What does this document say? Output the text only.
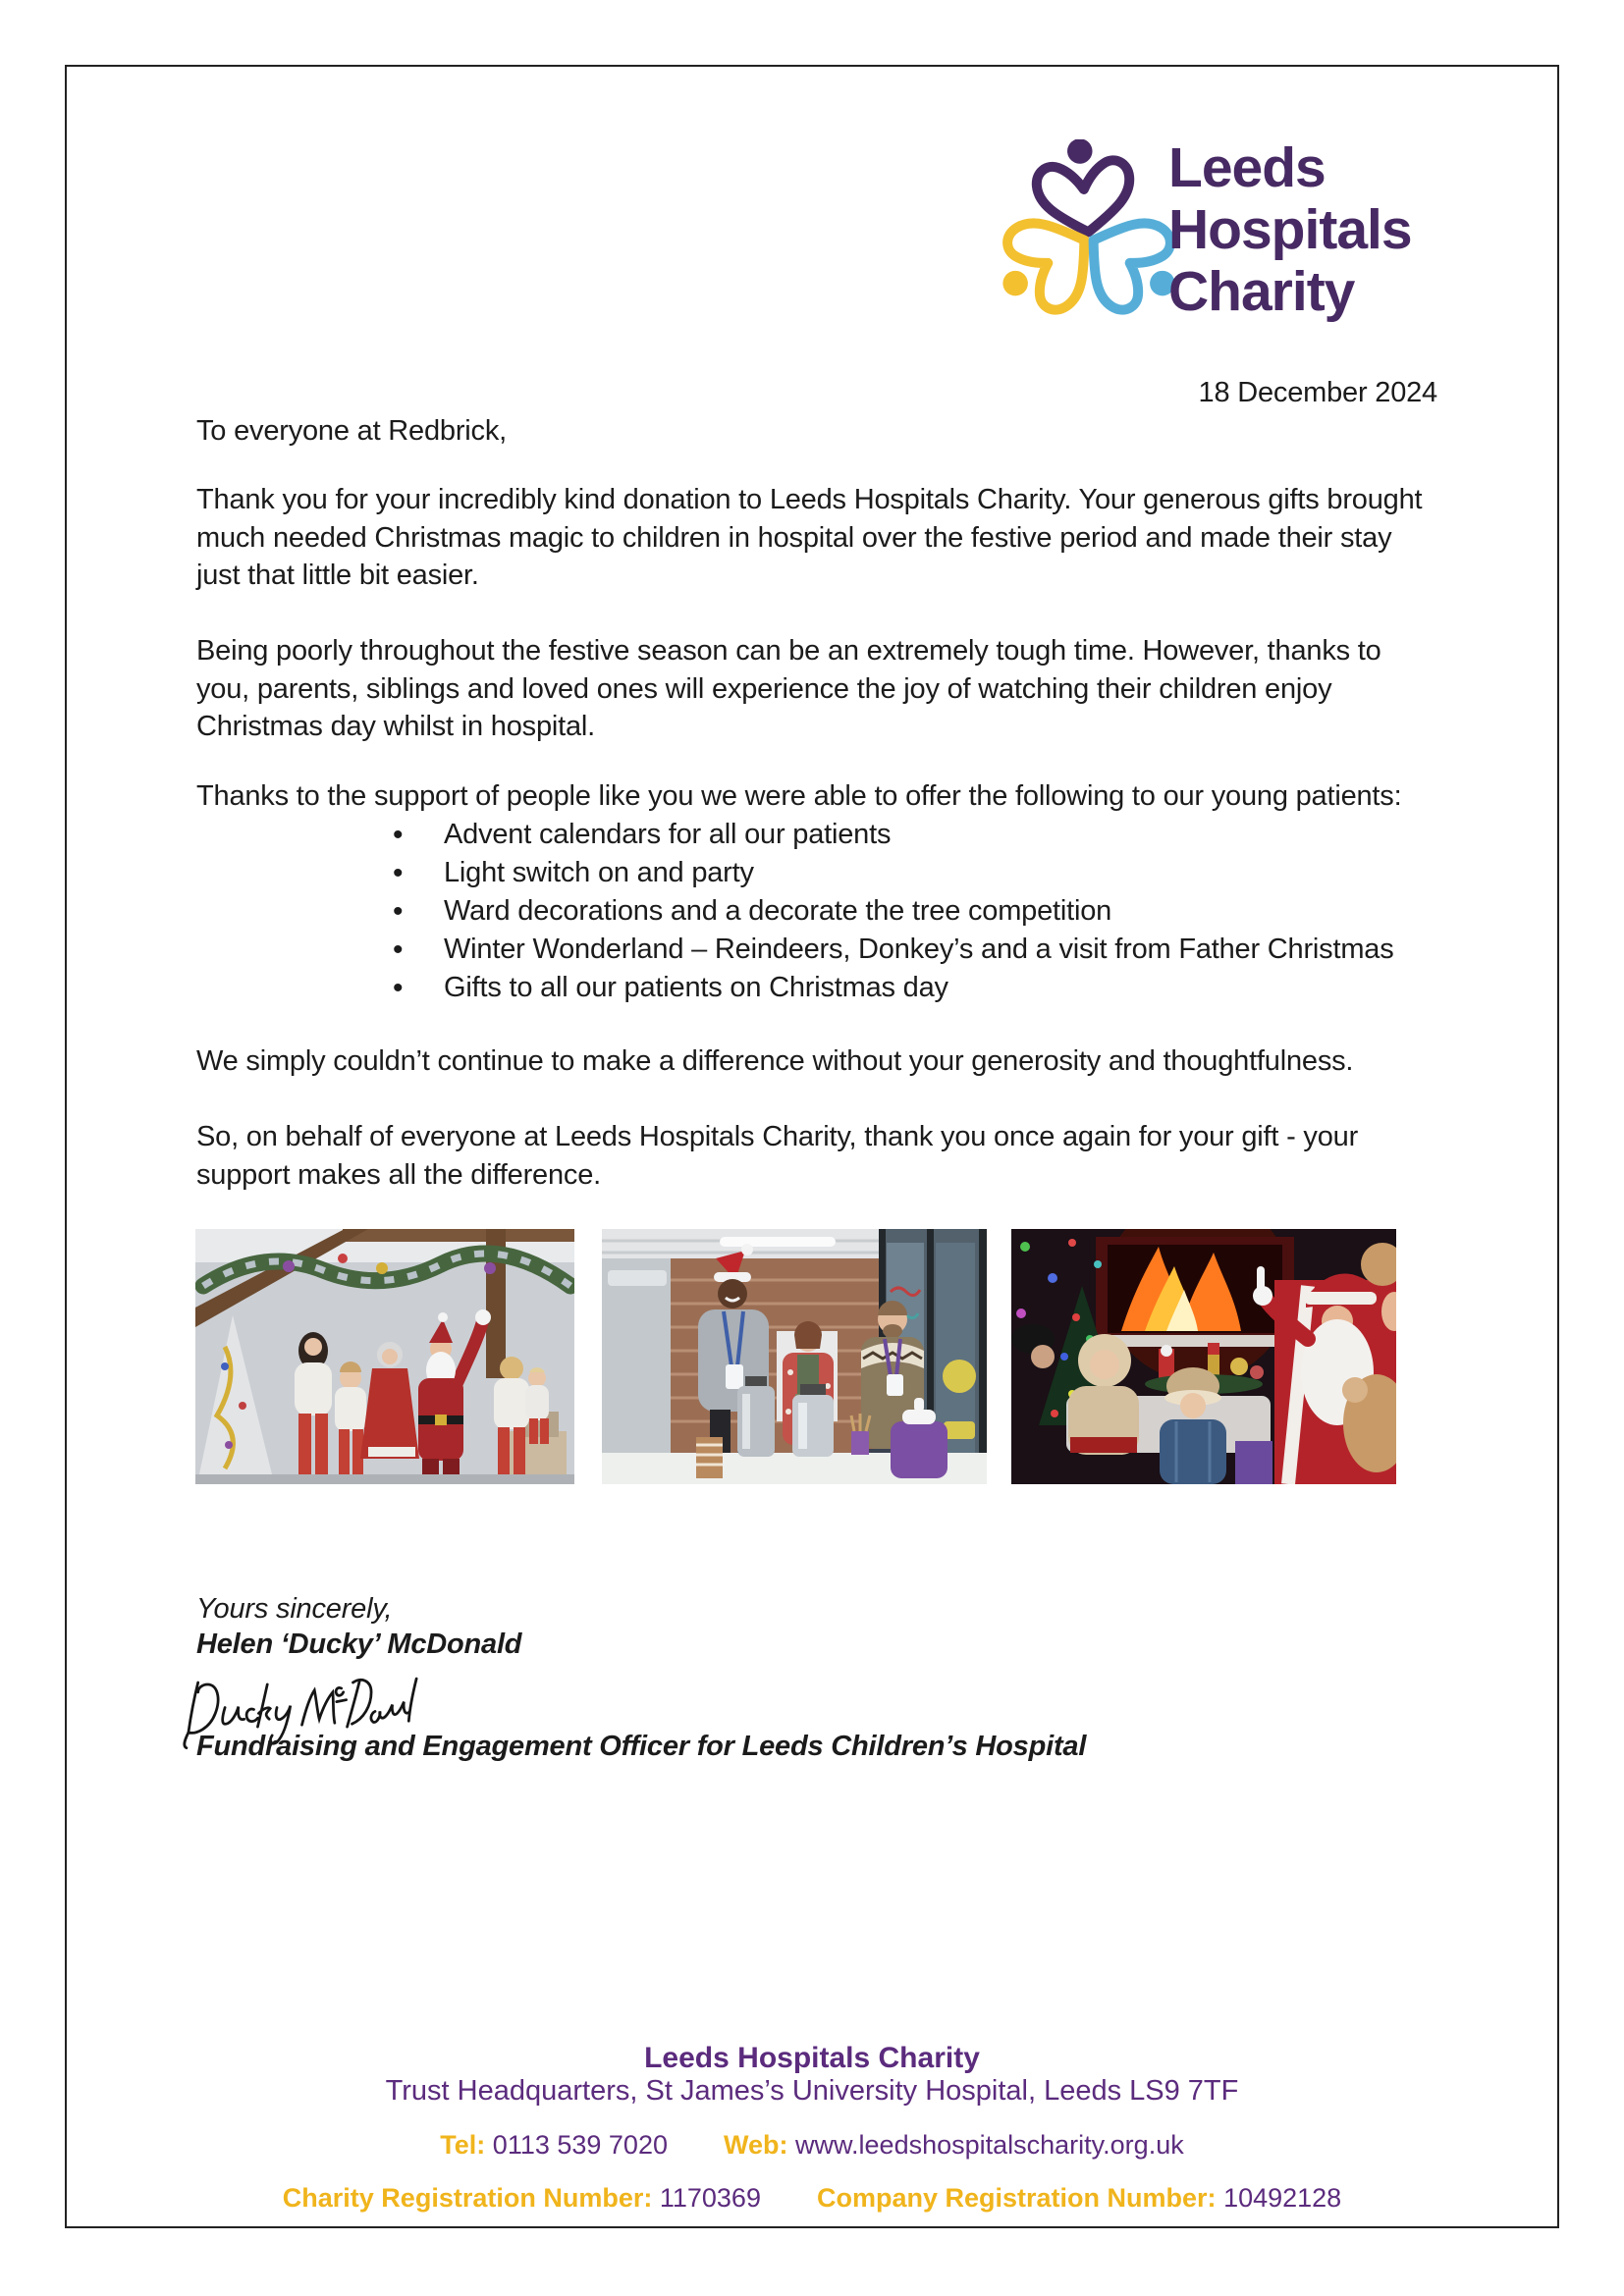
Leeds
Hospitals
Charity
18 December 2024
To everyone at Redbrick,
Thank you for your incredibly kind donation to Leeds Hospitals Charity. Your generous gifts brought much needed Christmas magic to children in hospital over the festive period and made their stay just that little bit easier.
Being poorly throughout the festive season can be an extremely tough time. However, thanks to you, parents, siblings and loved ones will experience the joy of watching their children enjoy Christmas day whilst in hospital.
Thanks to the support of people like you we were able to offer the following to our young patients:
• Advent calendars for all our patients
• Light switch on and party
• Ward decorations and a decorate the tree competition
• Winter Wonderland – Reindeers, Donkey’s and a visit from Father Christmas
• Gifts to all our patients on Christmas day
We simply couldn’t continue to make a difference without your generosity and thoughtfulness.
So, on behalf of everyone at Leeds Hospitals Charity, thank you once again for your gift - your support makes all the difference.
Yours sincerely,
Helen ‘Ducky’ McDonald
Fundraising and Engagement Officer for Leeds Children’s Hospital
Leeds Hospitals Charity
Trust Headquarters, St James’s University Hospital, Leeds LS9 7TF
Tel: 0113 539 7020 Web: www.leedshospitalscharity.org.uk
Charity Registration Number: 1170369 Company Registration Number: 10492128
